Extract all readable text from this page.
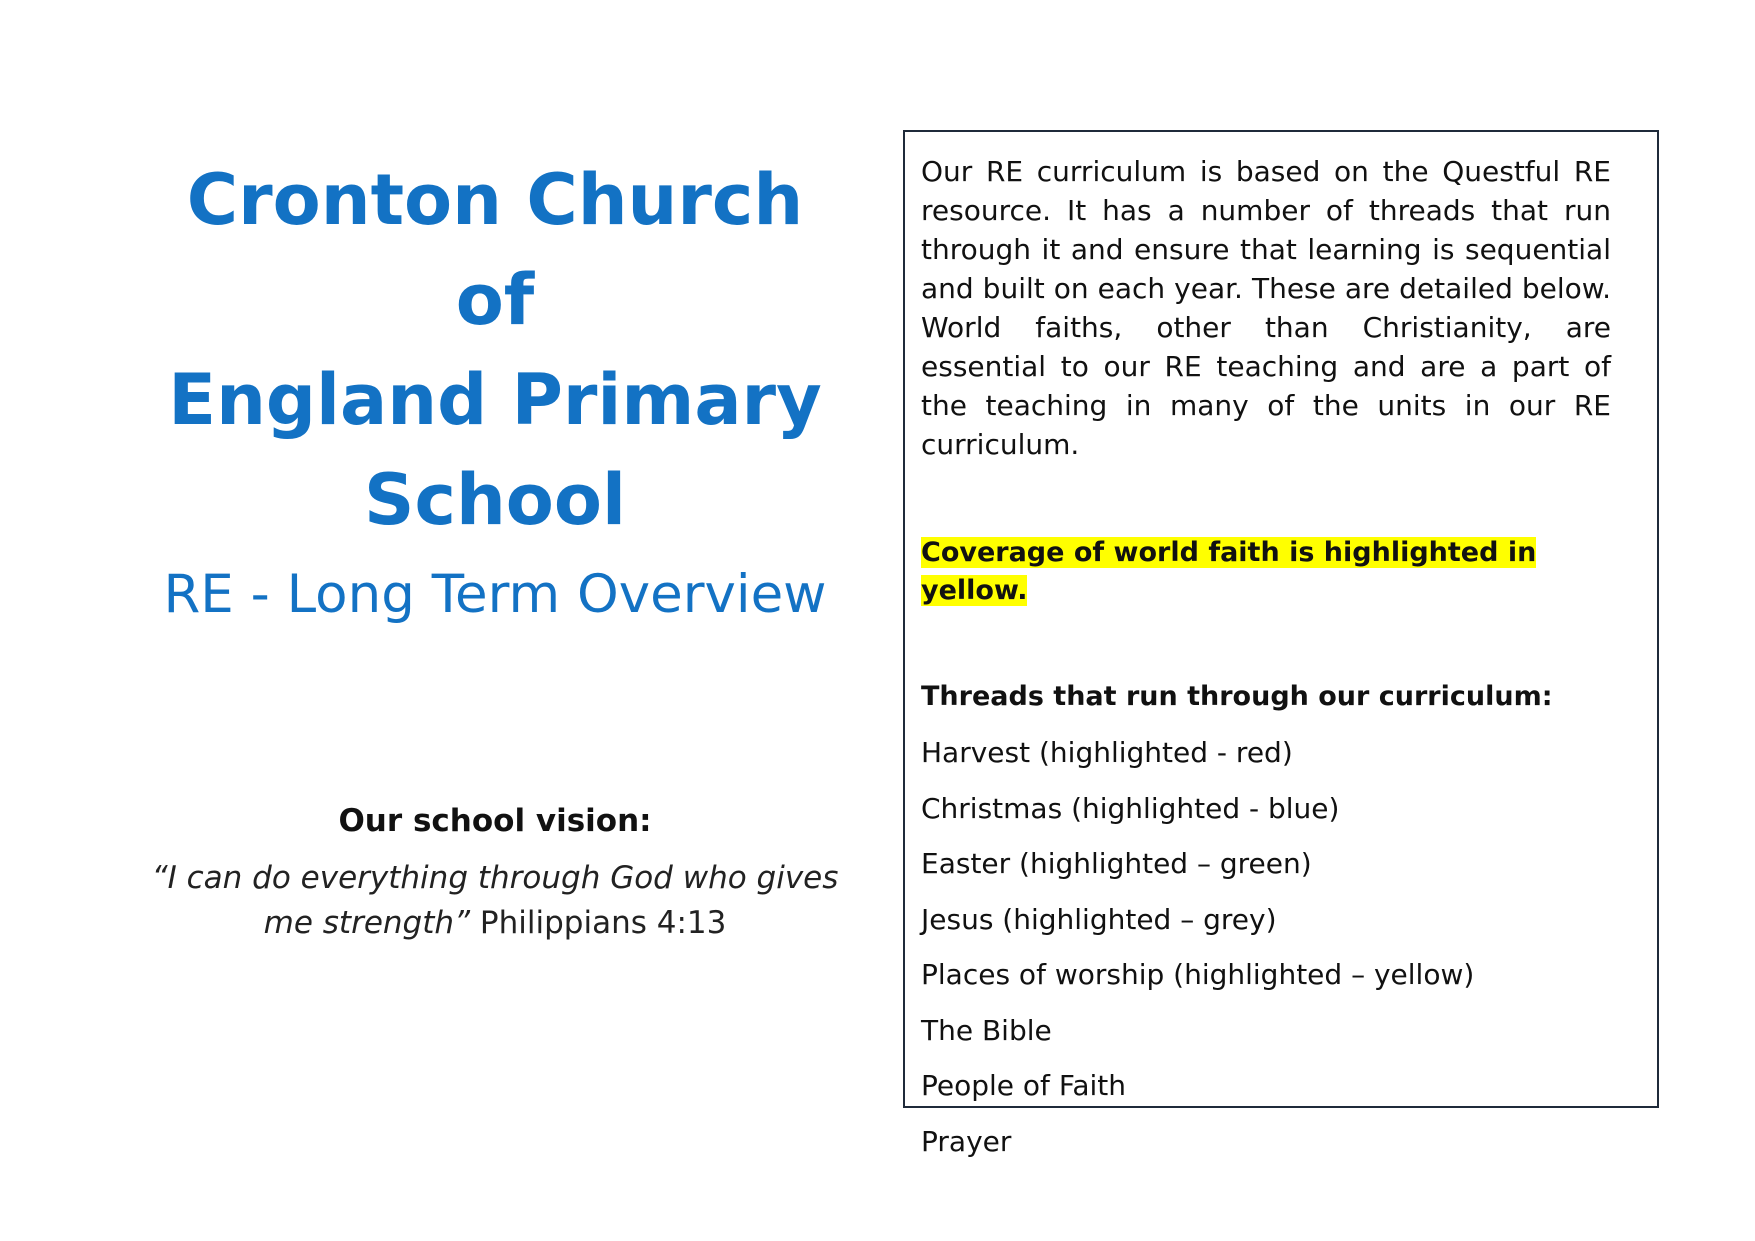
Cronton Church of
England Primary
School
RE - Long Term Overview

Our school vision:

“I can do everything through God who gives me strength” Philippians 4:13

Our RE curriculum is based on the Questful RE resource. It has a number of threads that run through it and ensure that learning is sequential and built on each year. These are detailed below. World faiths, other than Christianity, are essential to our RE teaching and are a part of the teaching in many of the units in our RE curriculum.

Coverage of world faith is highlighted in yellow.

Threads that run through our curriculum:

Harvest (highlighted - red)
Christmas (highlighted - blue)
Easter (highlighted – green)
Jesus (highlighted – grey)
Places of worship (highlighted – yellow)
The Bible
People of Faith
Prayer
